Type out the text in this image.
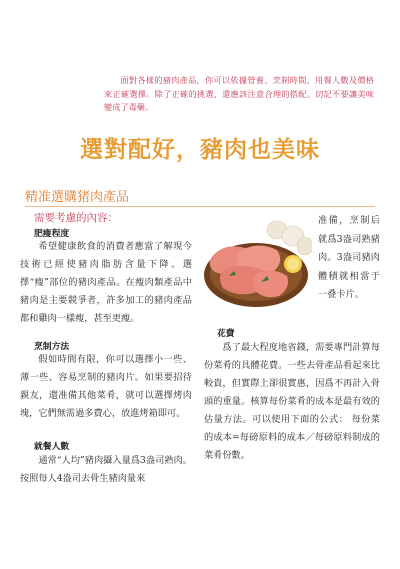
面對各樣的豬肉產品，你可以依據營養、烹制時間、用餐人數及價格來正確選擇。除了正確的挑選，還應該注意合理的搭配。切記不要讓美味變成了毒藥。
選對配好，豬肉也美味
精准選購猪肉產品
需要考慮的內容：
肥瘦程度
希望健康飲食的消費者應當了解現今技術已經使豬肉脂肪含量下降。選擇“瘦”部位的豬肉產品。在瘦肉類產品中豬肉是主要競爭者，許多加工的豬肉產品都和雞肉一樣瘦，甚至更瘦。
烹制方法
假如時間有限，你可以選擇小一些、薄一些、容易烹制的豬肉片。如果要招待親友，還准備其他菜肴，就可以選擇烤肉塊，它們無需過多費心，放進烤箱即可。
就餐人數
通常“人均”豬肉攝入量爲3盎司熟肉。按照每人4盎司去骨生豬肉量來
准備，烹制后就爲3盎司熟豬肉。3盎司豬肉體積就相當于一叠卡片。
花費
爲了最大程度地省錢，需要專門計算每份菜肴的具體花費。一些去骨產品看起來比較貴，但實際上卻很實惠，因爲不再計入骨頭的重量。核算每份菜肴的成本是最有效的估量方法。可以使用下面的公式： 每份菜的成本=每磅原料的成本／每磅原料制成的菜肴份數。
